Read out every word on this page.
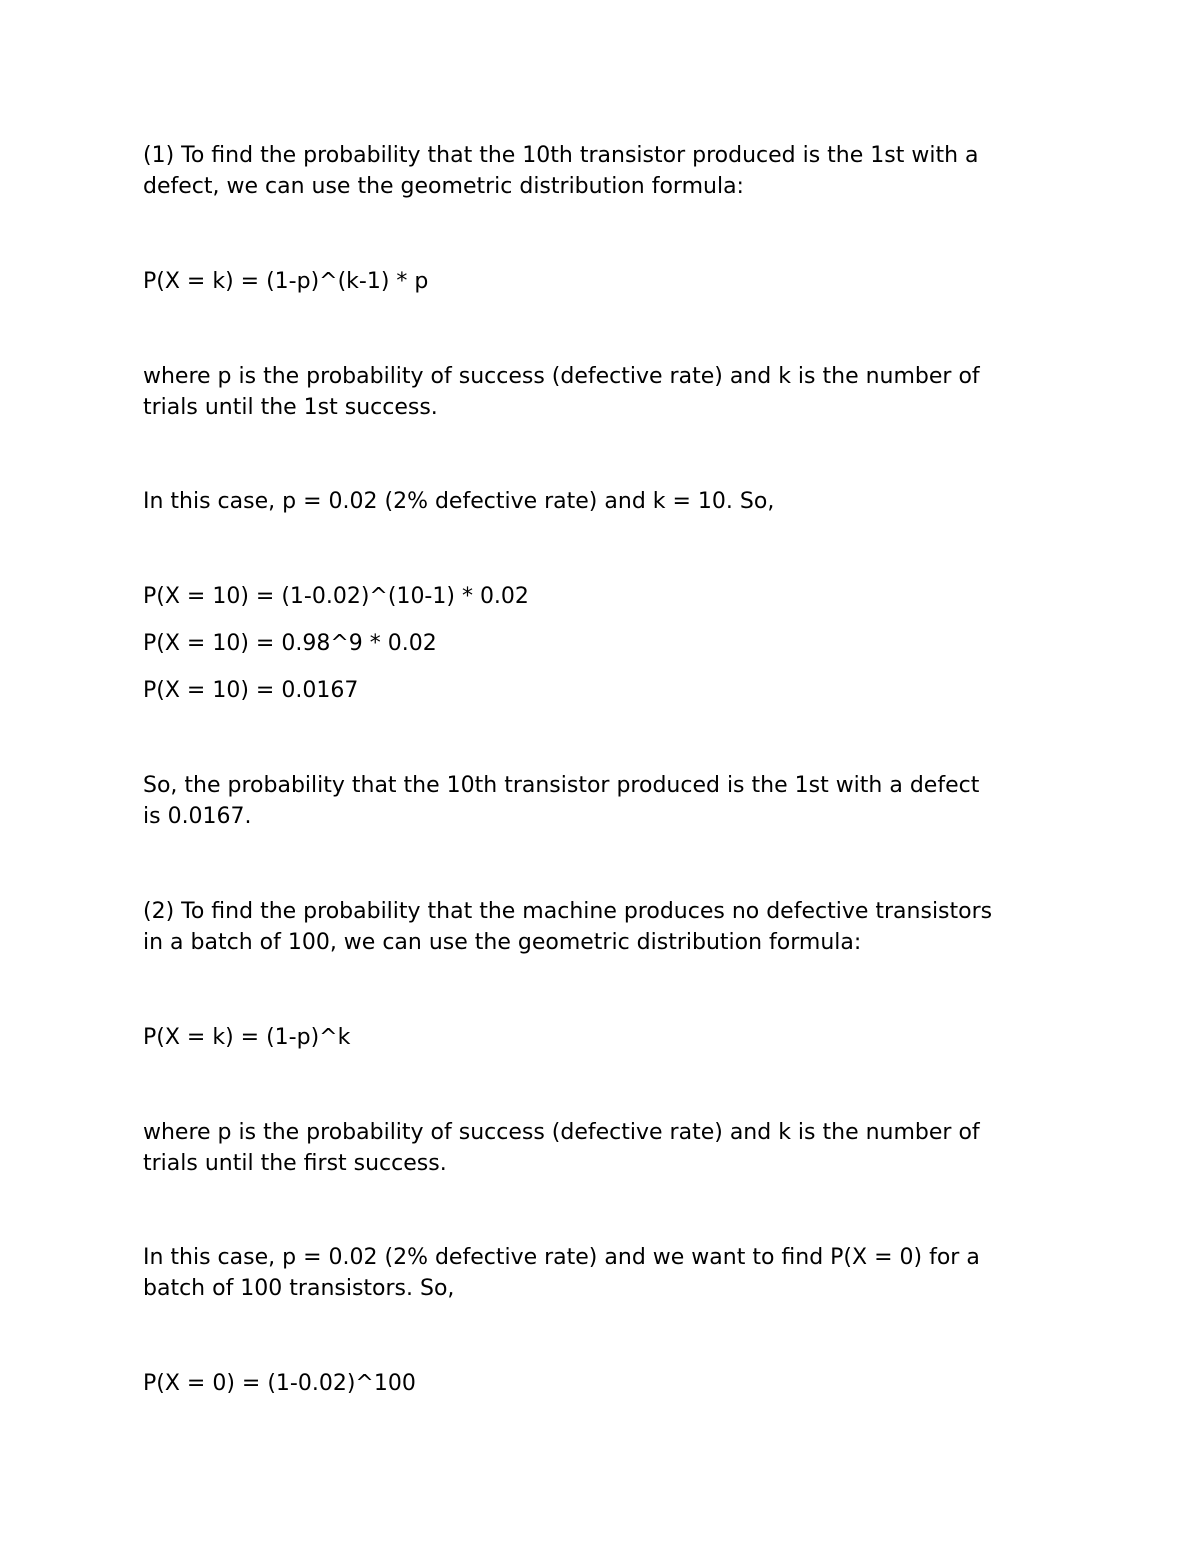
(1) To find the probability that the 10th transistor produced is the 1st with a

defect, we can use the geometric distribution formula:

P(X = k) = (1-p)^(k-1) * p

where p is the probability of success (defective rate) and k is the number of

trials until the 1st success.

In this case, p = 0.02 (2% defective rate) and k = 10. So,

P(X = 10) = (1-0.02)^(10-1) * 0.02

P(X = 10) = 0.98^9 * 0.02

P(X = 10) = 0.0167

So, the probability that the 10th transistor produced is the 1st with a defect

is 0.0167.

(2) To find the probability that the machine produces no defective transistors

in a batch of 100, we can use the geometric distribution formula:

P(X = k) = (1-p)^k

where p is the probability of success (defective rate) and k is the number of

trials until the first success.

In this case, p = 0.02 (2% defective rate) and we want to find P(X = 0) for a

batch of 100 transistors. So,

P(X = 0) = (1-0.02)^100
